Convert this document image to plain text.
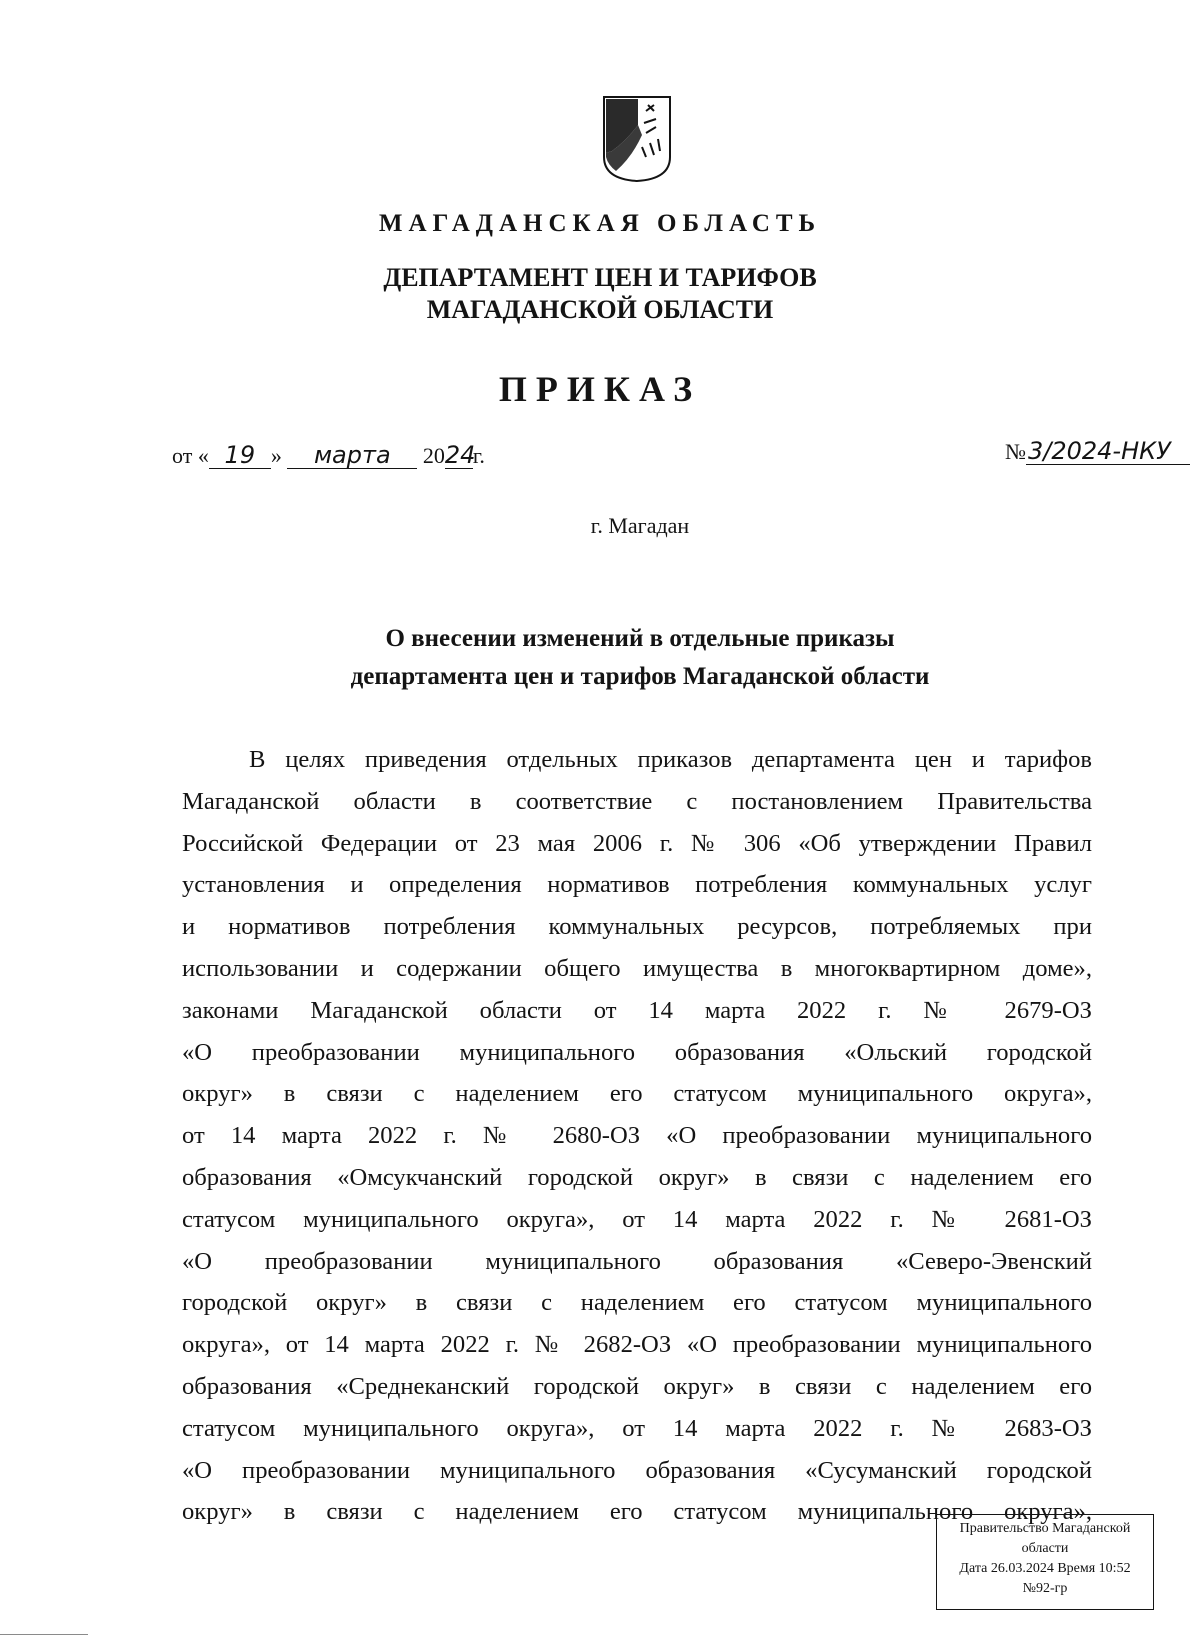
МАГАДАНСКАЯ ОБЛАСТЬ
ДЕПАРТАМЕНТ ЦЕН И ТАРИФОВ
МАГАДАНСКОЙ ОБЛАСТИ
ПРИКАЗ
от « 19 » марта 2024г.	№3/2024-НКУ
г. Магадан
О внесении изменений в отдельные приказы
департамента цен и тарифов Магаданской области
В целях приведения отдельных приказов департамента цен и тарифов
Магаданской области в соответствие с постановлением Правительства
Российской Федерации от 23 мая 2006 г. № 306 «Об утверждении Правил
установления и определения нормативов потребления коммунальных услуг
и нормативов потребления коммунальных ресурсов, потребляемых при
использовании и содержании общего имущества в многоквартирном доме»,
законами Магаданской области от 14 марта 2022 г. № 2679-ОЗ
«О преобразовании муниципального образования «Ольский городской
округ» в связи с наделением его статусом муниципального округа»,
от 14 марта 2022 г. № 2680-ОЗ «О преобразовании муниципального
образования «Омсукчанский городской округ» в связи с наделением его
статусом муниципального округа», от 14 марта 2022 г. № 2681-ОЗ
«О преобразовании муниципального образования «Северо-Эвенский
городской округ» в связи с наделением его статусом муниципального
округа», от 14 марта 2022 г. № 2682-ОЗ «О преобразовании муниципального
образования «Среднеканский городской округ» в связи с наделением его
статусом муниципального округа», от 14 марта 2022 г. № 2683-ОЗ
«О преобразовании муниципального образования «Сусуманский городской
округ» в связи с наделением его статусом муниципального округа»,
Правительство Магаданской
области
Дата 26.03.2024 Время 10:52
№92-гр
